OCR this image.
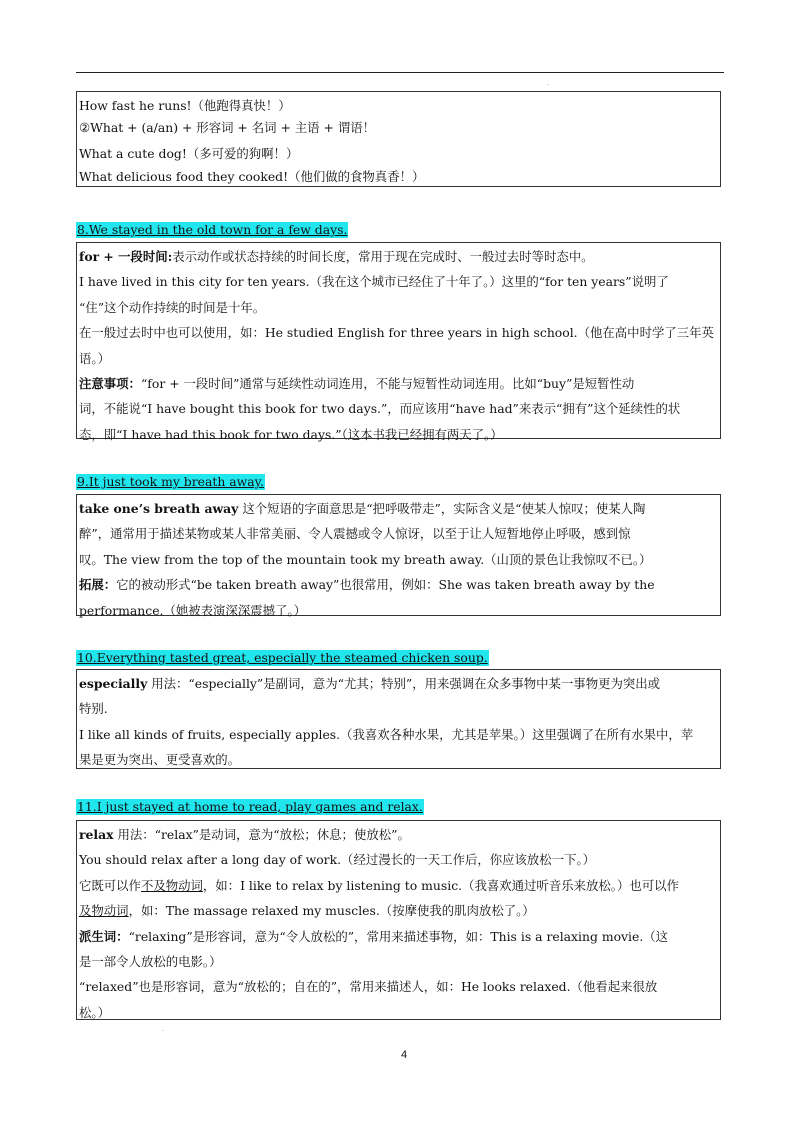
·

How fast he runs!（他跑得真快！）

②What + (a/an) + 形容词 + 名词 + 主语 + 谓语！

What a cute dog!（多可爱的狗啊！）

What delicious food they cooked!（他们做的食物真香！）

8.We stayed in the old town for a few days.

for + 一段时间:表示动作或状态持续的时间长度，常用于现在完成时、一般过去时等时态中。

I have lived in this city for ten years.（我在这个城市已经住了十年了。）这里的“for ten years”说明了

“住”这个动作持续的时间是十年。

在一般过去时中也可以使用，如：He studied English for three years in high school.（他在高中时学了三年英

语。）

注意事项：“for + 一段时间”通常与延续性动词连用，不能与短暂性动词连用。比如“buy”是短暂性动

词，不能说“I have bought this book for two days.”，而应该用“have had”来表示“拥有”这个延续性的状

态，即“I have had this book for two days.”（这本书我已经拥有两天了。）

9.It just took my breath away.

take one’s breath away 这个短语的字面意思是“把呼吸带走”，实际含义是“使某人惊叹；使某人陶

醉”，通常用于描述某物或某人非常美丽、令人震撼或令人惊讶，以至于让人短暂地停止呼吸，感到惊

叹。The view from the top of the mountain took my breath away.（山顶的景色让我惊叹不已。）

拓展：它的被动形式“be taken breath away”也很常用，例如：She was taken breath away by the

performance.（她被表演深深震撼了。）

10.Everything tasted great, especially the steamed chicken soup.

especially 用法：“especially”是副词，意为“尤其；特别”，用来强调在众多事物中某一事物更为突出或

特别.

I like all kinds of fruits, especially apples.（我喜欢各种水果，尤其是苹果。）这里强调了在所有水果中，苹

果是更为突出、更受喜欢的。

11.I just stayed at home to read, play games and relax.

relax 用法：“relax”是动词，意为“放松；休息；使放松”。

You should relax after a long day of work.（经过漫长的一天工作后，你应该放松一下。）

它既可以作不及物动词，如：I like to relax by listening to music.（我喜欢通过听音乐来放松。）也可以作

及物动词，如：The massage relaxed my muscles.（按摩使我的肌肉放松了。）

派生词：“relaxing”是形容词，意为“令人放松的”，常用来描述事物，如：This is a relaxing movie.（这

是一部令人放松的电影。）

“relaxed”也是形容词，意为“放松的；自在的”，常用来描述人，如：He looks relaxed.（他看起来很放

松。）

·
4
